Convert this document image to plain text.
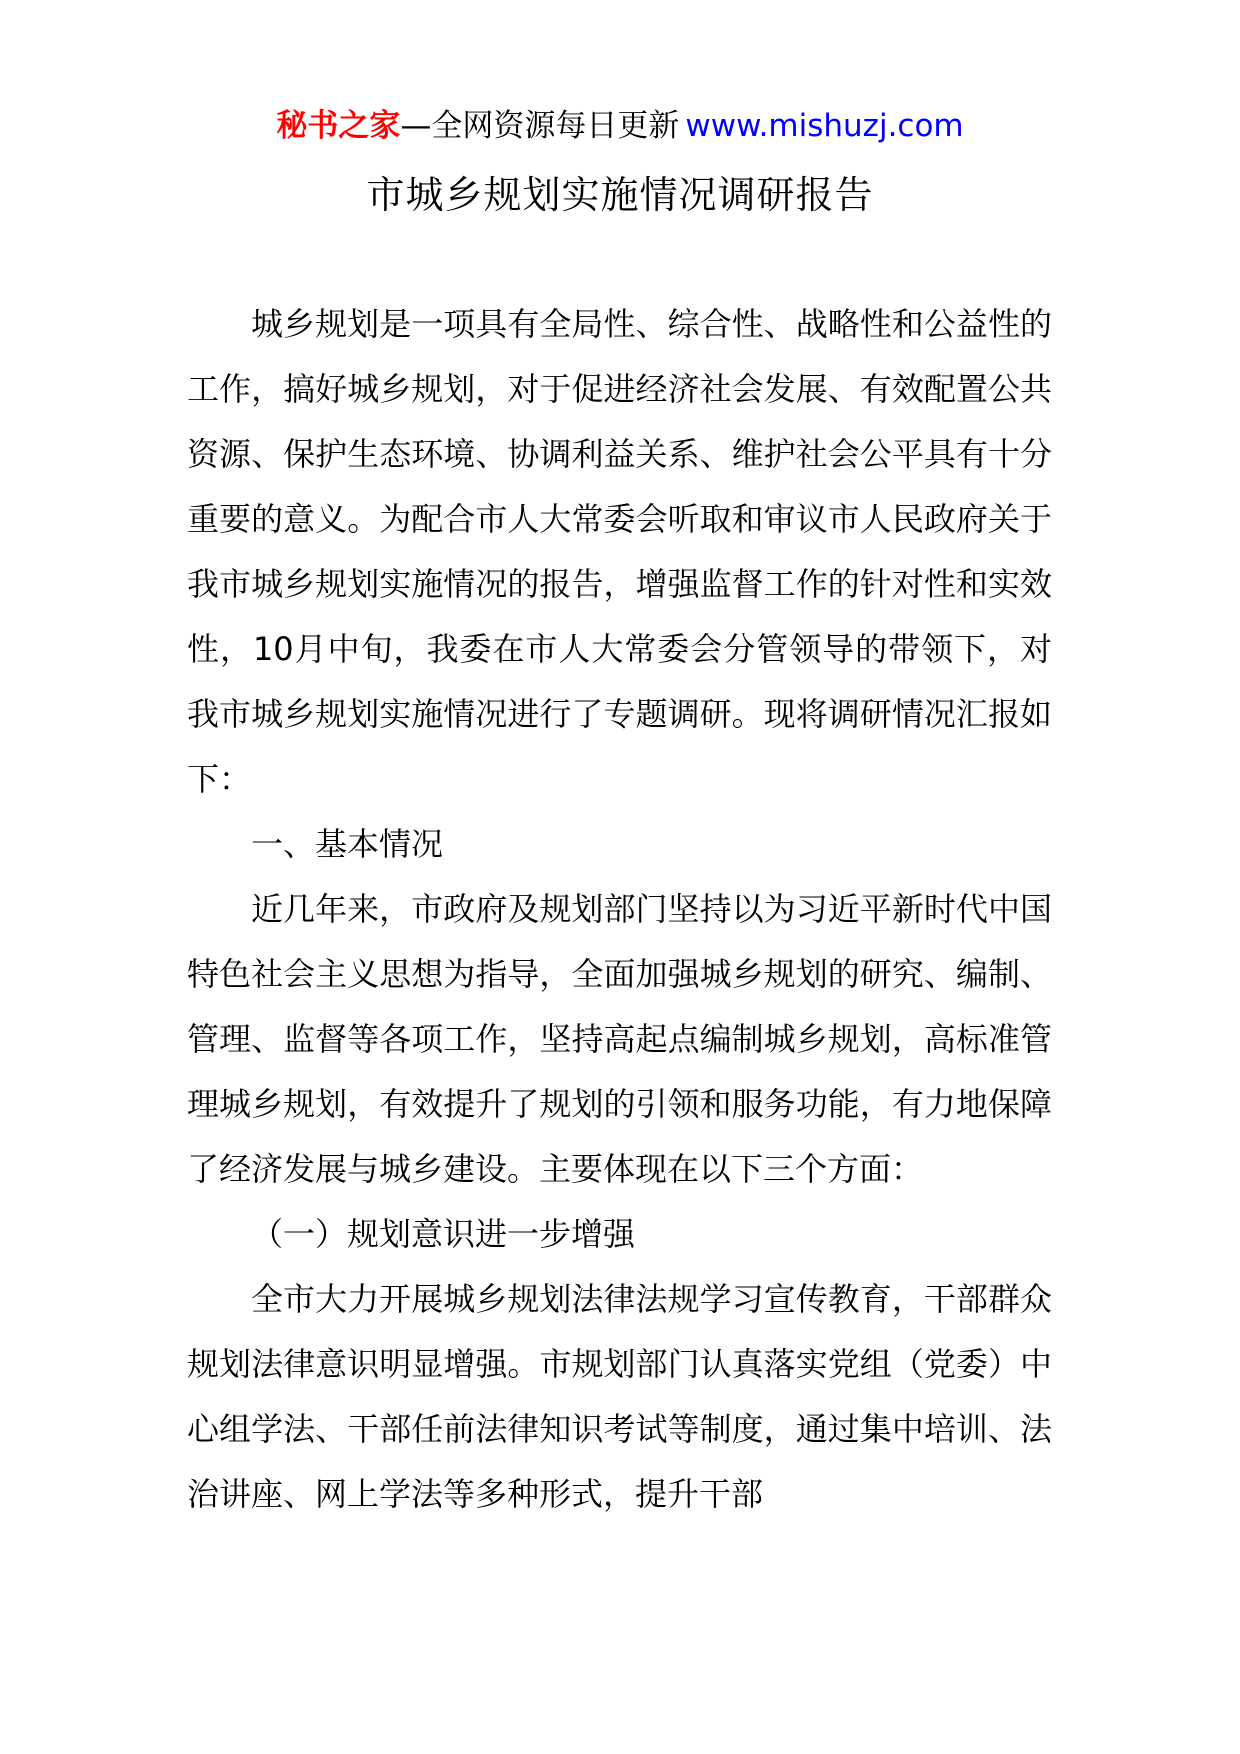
秘书之家—全网资源每日更新 www.mishuzj.com
市城乡规划实施情况调研报告

城乡规划是一项具有全局性、综合性、战略性和公益性的工作，搞好城乡规划，对于促进经济社会发展、有效配置公共资源、保护生态环境、协调利益关系、维护社会公平具有十分重要的意义。为配合市人大常委会听取和审议市人民政府关于我市城乡规划实施情况的报告，增强监督工作的针对性和实效性，10月中旬，我委在市人大常委会分管领导的带领下，对我市城乡规划实施情况进行了专题调研。现将调研情况汇报如下：

一、基本情况

近几年来，市政府及规划部门坚持以为习近平新时代中国特色社会主义思想为指导，全面加强城乡规划的研究、编制、管理、监督等各项工作，坚持高起点编制城乡规划，高标准管理城乡规划，有效提升了规划的引领和服务功能，有力地保障了经济发展与城乡建设。主要体现在以下三个方面：

（一）规划意识进一步增强

全市大力开展城乡规划法律法规学习宣传教育，干部群众规划法律意识明显增强。市规划部门认真落实党组（党委）中心组学法、干部任前法律知识考试等制度，通过集中培训、法治讲座、网上学法等多种形式，提升干部
